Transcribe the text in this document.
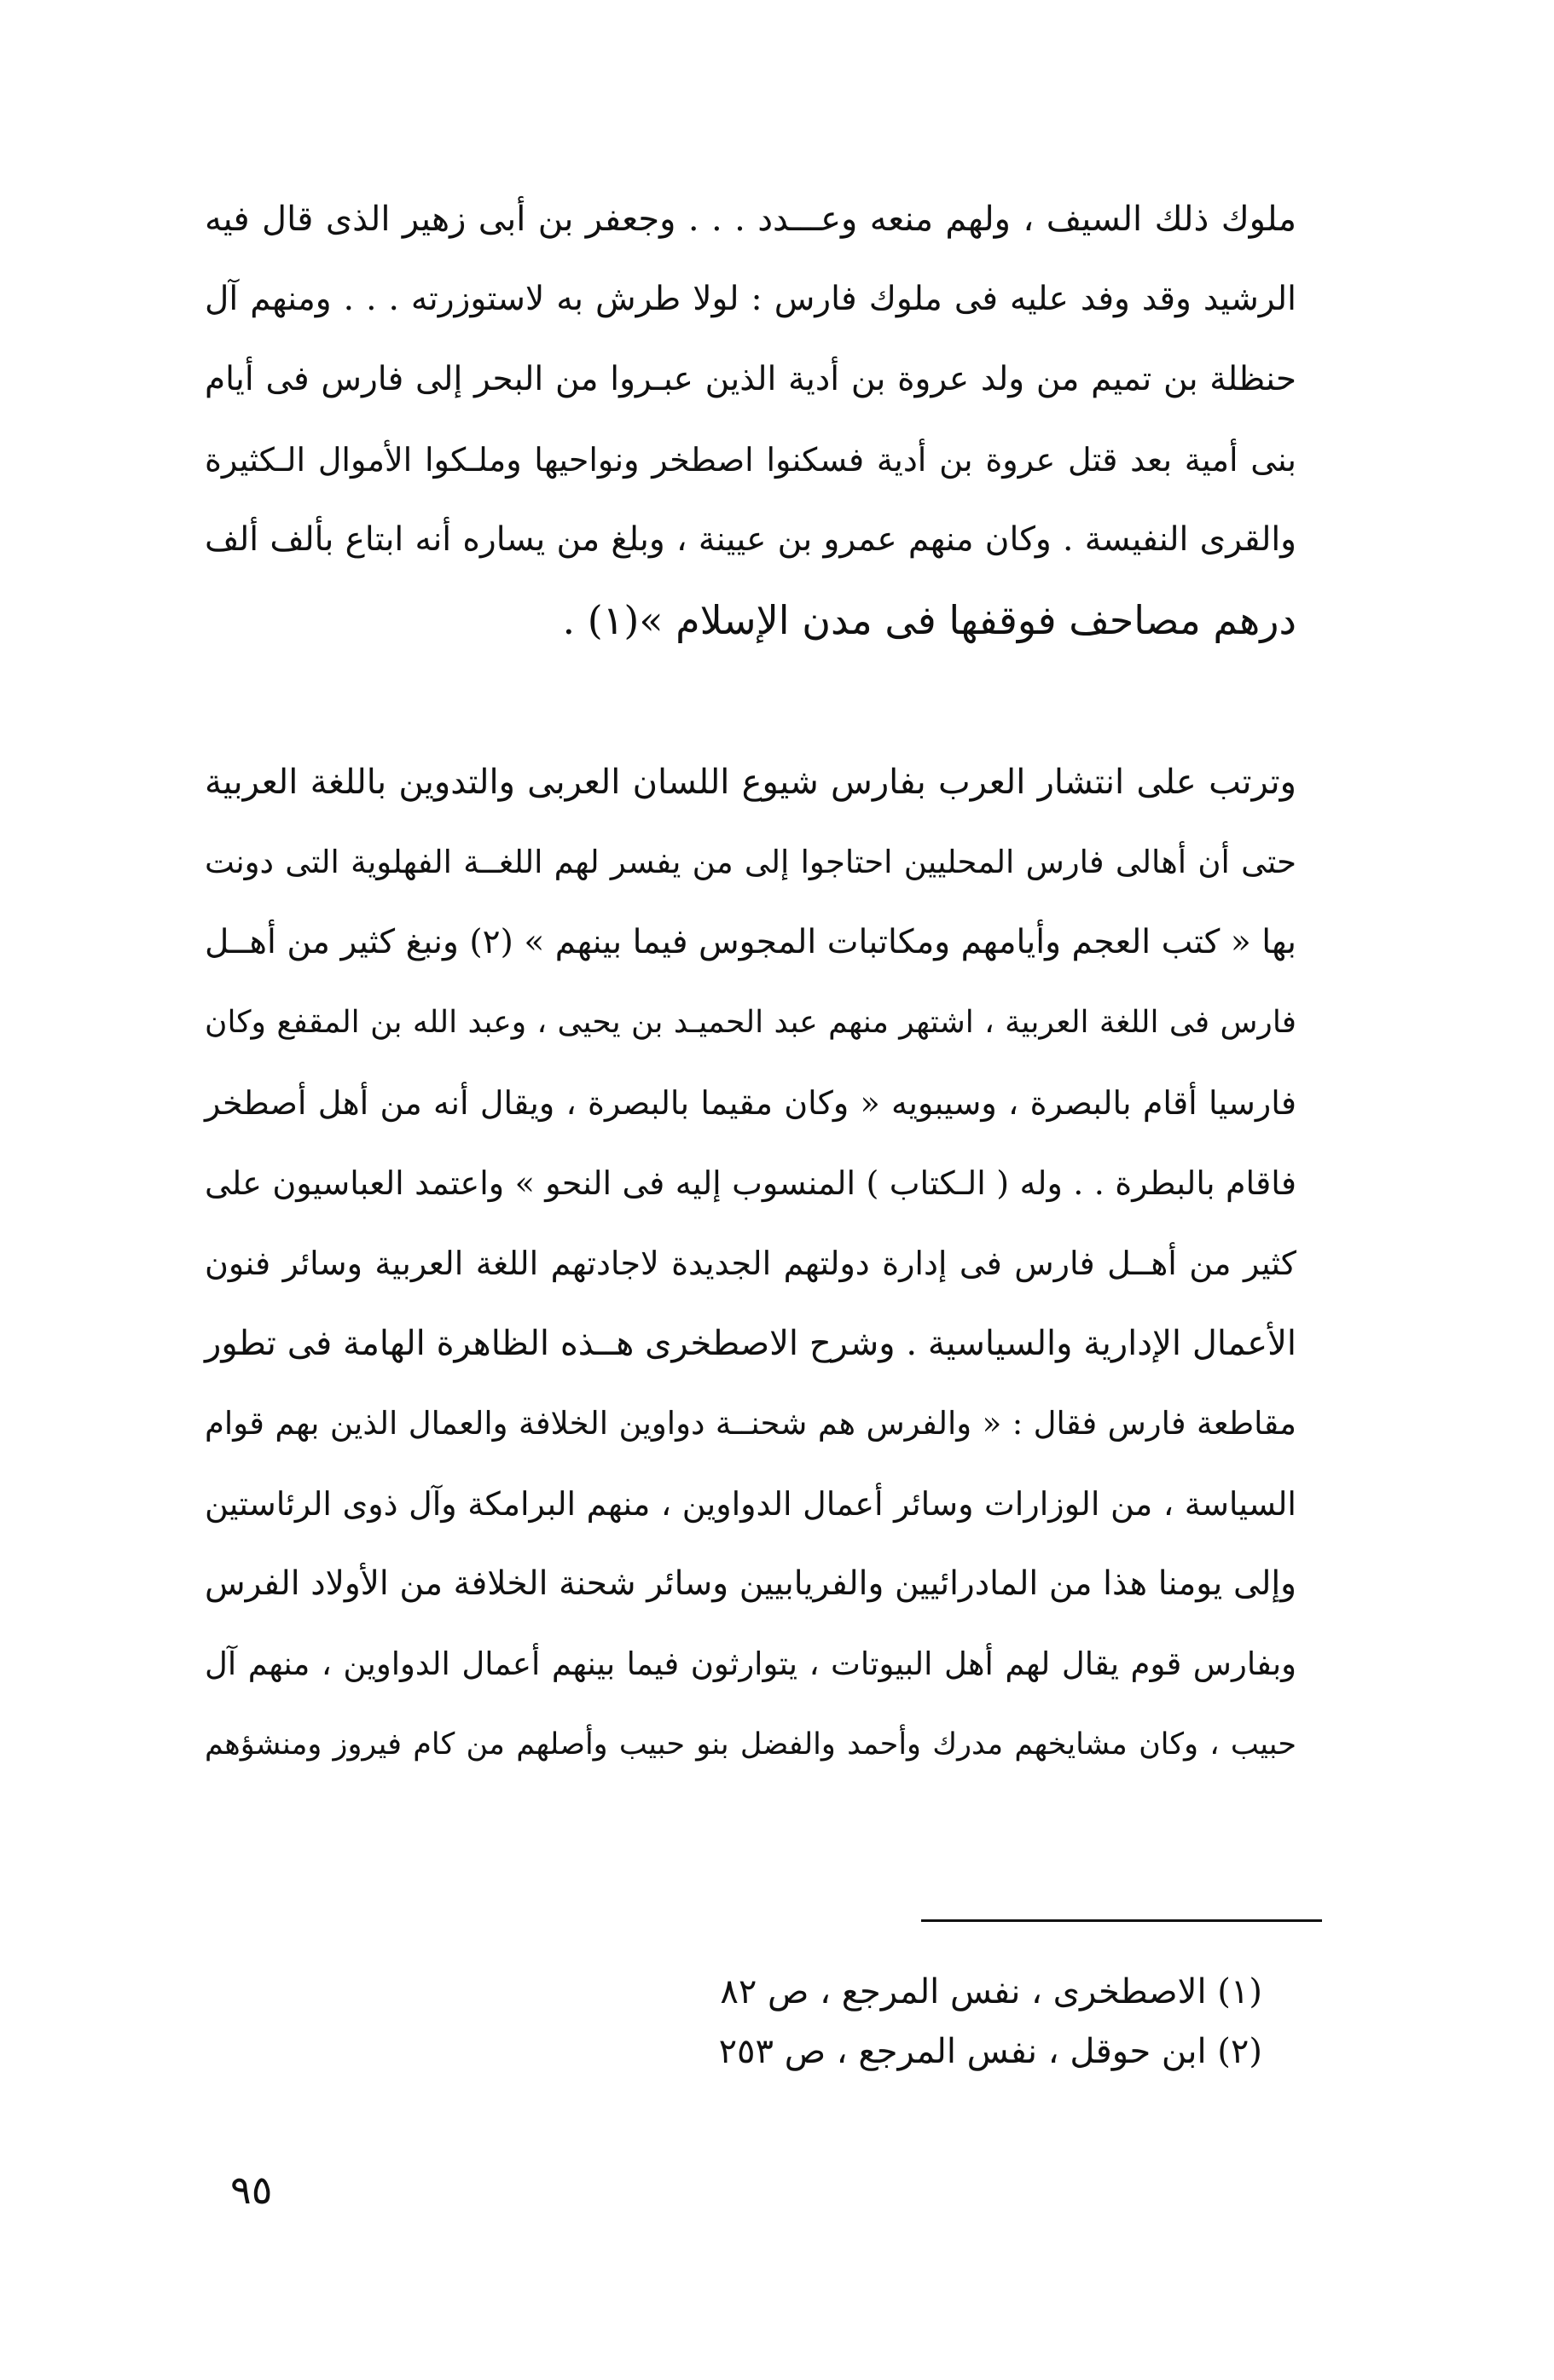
ملوك ذلك السيف ، ولهم منعه وعـــدد . . . وجعفر بن أبى زهير الذى قال فيه
الرشيد وقد وفد عليه فى ملوك فارس : لولا طرش به لاستوزرته . . . ومنهم آل
حنظلة بن تميم من ولد عروة بن أدية الذين عبـروا من البحر إلى فارس فى أيام
بنى أمية بعد قتل عروة بن أدية فسكنوا اصطخر ونواحيها وملـكوا الأموال الـكثيرة
والقرى النفيسة . وكان منهم عمرو بن عيينة ، وبلغ من يساره أنه ابتاع بألف ألف
درهم مصاحف فوقفها فى مدن الإسلام »(١) .
وترتب على انتشار العرب بفارس شيوع اللسان العربى والتدوين باللغة العربية
حتى أن أهالى فارس المحليين احتاجوا إلى من يفسر لهم اللغــة الفهلوية التى دونت
بها « كتب العجم وأيامهم ومكاتبات المجوس فيما بينهم » (٢) ونبغ كثير من أهــل
فارس فى اللغة العربية ، اشتهر منهم عبد الحميـد بن يحيى ، وعبد الله بن المقفع وكان
فارسيا أقام بالبصرة ، وسيبويه « وكان مقيما بالبصرة ، ويقال أنه من أهل أصطخر
فاقام بالبطرة . . وله ( الـكتاب ) المنسوب إليه فى النحو » واعتمد العباسيون على
كثير من أهــل فارس فى إدارة دولتهم الجديدة لاجادتهم اللغة العربية وسائر فنون
الأعمال الإدارية والسياسية . وشرح الاصطخرى هــذه الظاهرة الهامة فى تطور
مقاطعة فارس فقال : « والفرس هم شحنــة دواوين الخلافة والعمال الذين بهم قوام
السياسة ، من الوزارات وسائر أعمال الدواوين ، منهم البرامكة وآل ذوى الرئاستين
وإلى يومنا هذا من المادرائيين والفريابيين وسائر شحنة الخلافة من الأولاد الفرس
وبفارس قوم يقال لهم أهل البيوتات ، يتوارثون فيما بينهم أعمال الدواوين ، منهم آل
حبيب ، وكان مشايخهم مدرك وأحمد والفضل بنو حبيب وأصلهم من كام فيروز ومنشؤهم
(١) الاصطخرى ، نفس المرجع ، ص ٨٢
(٢) ابن حوقل ، نفس المرجع ، ص ٢٥٣
٩٥
